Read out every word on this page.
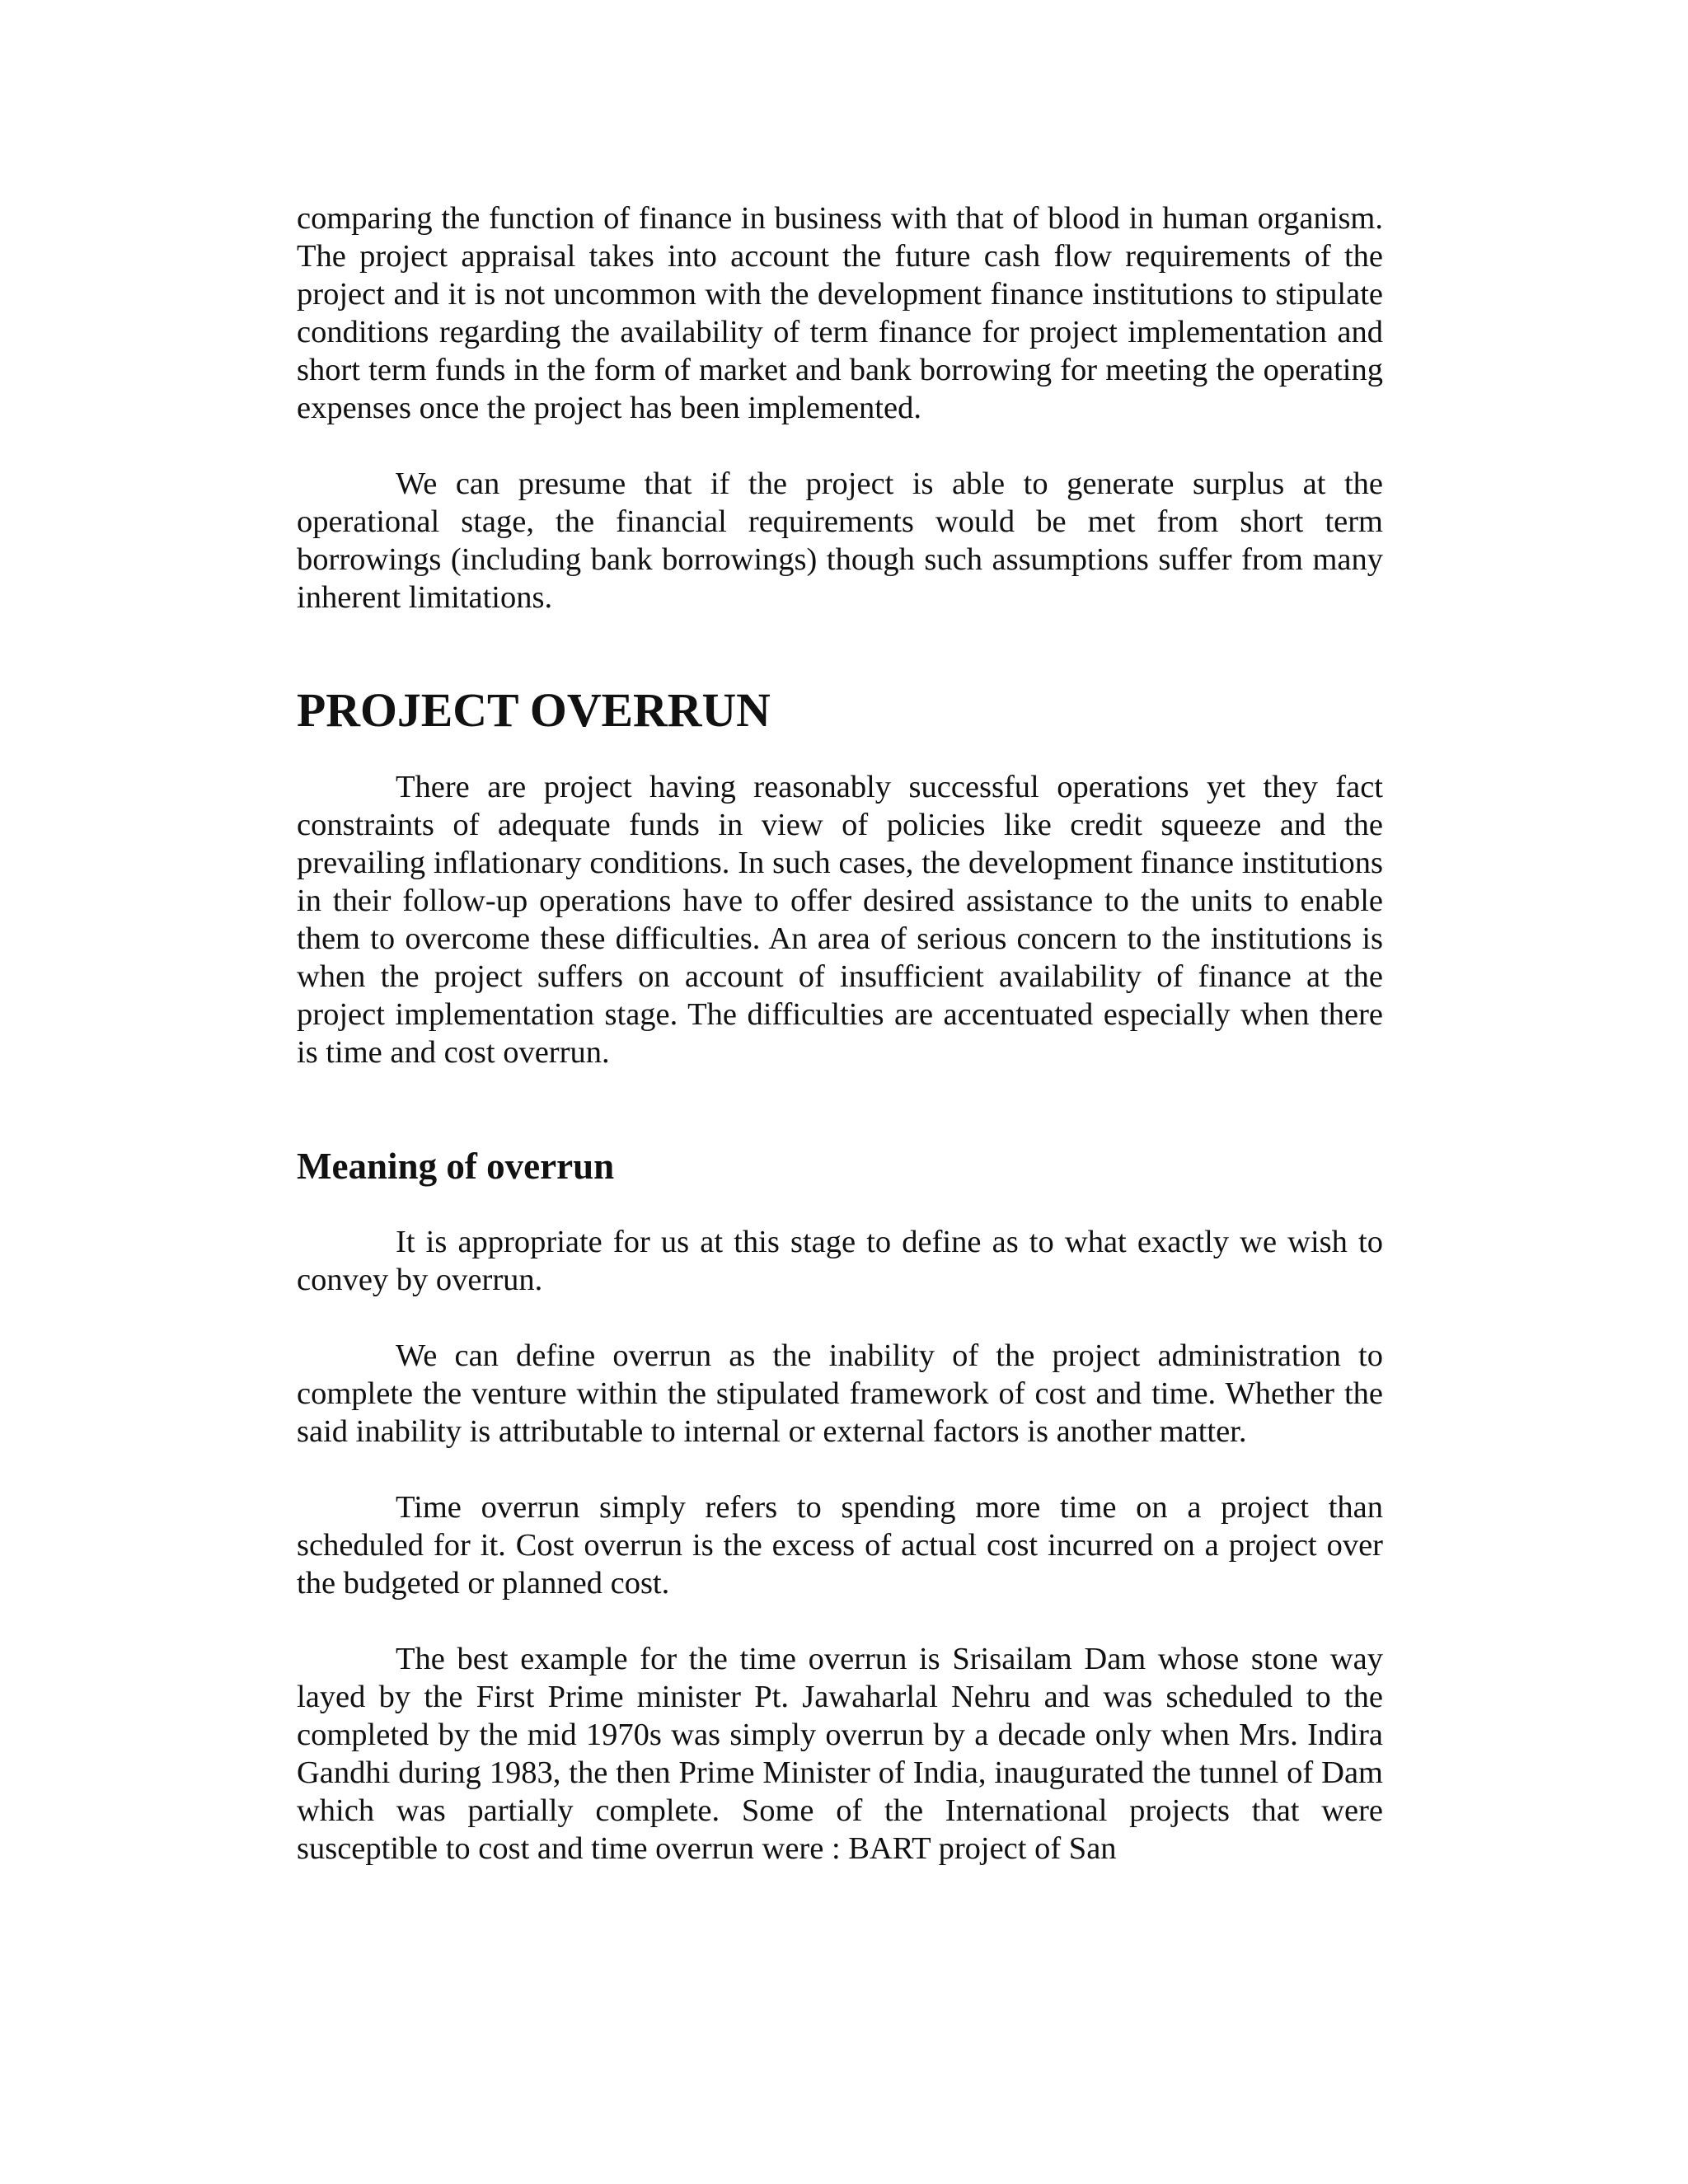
comparing the function of finance in business with that of blood in human organism. The project appraisal takes into account the future cash flow requirements of the project and it is not uncommon with the development finance institutions to stipulate conditions regarding the availability of term finance for project implementation and short term funds in the form of market and bank borrowing for meeting the operating expenses once the project has been implemented.

We can presume that if the project is able to generate surplus at the operational stage, the financial requirements would be met from short term borrowings (including bank borrowings) though such assumptions suffer from many inherent limitations.

PROJECT OVERRUN

There are project having reasonably successful operations yet they fact constraints of adequate funds in view of policies like credit squeeze and the prevailing inflationary conditions. In such cases, the development finance institutions in their follow-up operations have to offer desired assistance to the units to enable them to overcome these difficulties. An area of serious concern to the institutions is when the project suffers on account of insufficient availability of finance at the project implementation stage. The difficulties are accentuated especially when there is time and cost overrun.

Meaning of overrun

It is appropriate for us at this stage to define as to what exactly we wish to convey by overrun.

We can define overrun as the inability of the project administration to complete the venture within the stipulated framework of cost and time. Whether the said inability is attributable to internal or external factors is another matter.

Time overrun simply refers to spending more time on a project than scheduled for it. Cost overrun is the excess of actual cost incurred on a project over the budgeted or planned cost.

The best example for the time overrun is Srisailam Dam whose stone way layed by the First Prime minister Pt. Jawaharlal Nehru and was scheduled to the completed by the mid 1970s was simply overrun by a decade only when Mrs. Indira Gandhi during 1983, the then Prime Minister of India, inaugurated the tunnel of Dam which was partially complete. Some of the International projects that were susceptible to cost and time overrun were : BART project of San
